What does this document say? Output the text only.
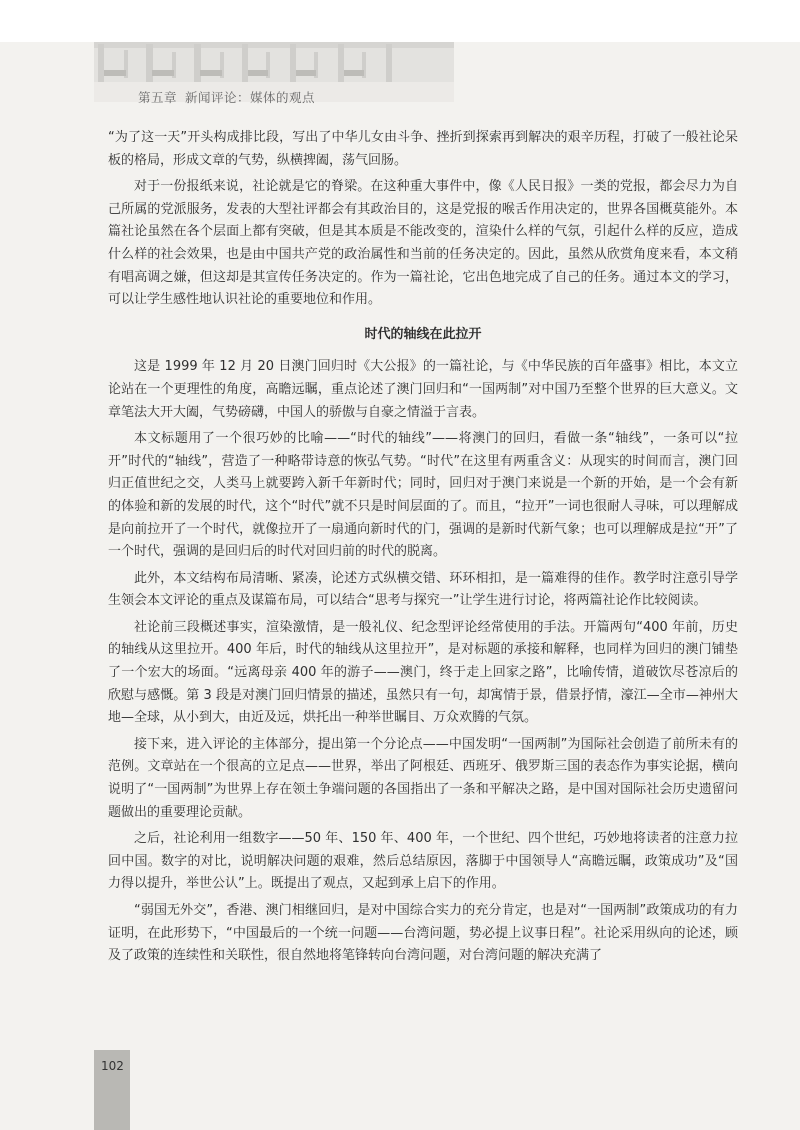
第五章 新闻评论：媒体的观点

“为了这一天”开头构成排比段，写出了中华儿女由斗争、挫折到探索再到解决的艰辛历程，打破了一般社论呆板的格局，形成文章的气势，纵横捭阖，荡气回肠。

对于一份报纸来说，社论就是它的脊梁。在这种重大事件中，像《人民日报》一类的党报，都会尽力为自己所属的党派服务，发表的大型社评都会有其政治目的，这是党报的喉舌作用决定的，世界各国概莫能外。本篇社论虽然在各个层面上都有突破，但是其本质是不能改变的，渲染什么样的气氛，引起什么样的反应，造成什么样的社会效果，也是由中国共产党的政治属性和当前的任务决定的。因此，虽然从欣赏角度来看，本文稍有唱高调之嫌，但这却是其宣传任务决定的。作为一篇社论，它出色地完成了自己的任务。通过本文的学习，可以让学生感性地认识社论的重要地位和作用。

时代的轴线在此拉开

这是 1999 年 12 月 20 日澳门回归时《大公报》的一篇社论，与《中华民族的百年盛事》相比，本文立论站在一个更理性的角度，高瞻远瞩，重点论述了澳门回归和“一国两制”对中国乃至整个世界的巨大意义。文章笔法大开大阖，气势磅礴，中国人的骄傲与自豪之情溢于言表。

本文标题用了一个很巧妙的比喻——“时代的轴线”——将澳门的回归，看做一条“轴线”，一条可以“拉开”时代的“轴线”，营造了一种略带诗意的恢弘气势。“时代”在这里有两重含义：从现实的时间而言，澳门回归正值世纪之交，人类马上就要跨入新千年新时代；同时，回归对于澳门来说是一个新的开始，是一个会有新的体验和新的发展的时代，这个“时代”就不只是时间层面的了。而且，“拉开”一词也很耐人寻味，可以理解成是向前拉开了一个时代，就像拉开了一扇通向新时代的门，强调的是新时代新气象；也可以理解成是拉“开”了一个时代，强调的是回归后的时代对回归前的时代的脱离。

此外，本文结构布局清晰、紧凑，论述方式纵横交错、环环相扣，是一篇难得的佳作。教学时注意引导学生领会本文评论的重点及谋篇布局，可以结合“思考与探究一”让学生进行讨论，将两篇社论作比较阅读。

社论前三段概述事实，渲染激情，是一般礼仪、纪念型评论经常使用的手法。开篇两句“400 年前，历史的轴线从这里拉开。400 年后，时代的轴线从这里拉开”，是对标题的承接和解释，也同样为回归的澳门铺垫了一个宏大的场面。“远离母亲 400 年的游子——澳门，终于走上回家之路”，比喻传情，道破饮尽苍凉后的欣慰与感慨。第 3 段是对澳门回归情景的描述，虽然只有一句，却寓情于景，借景抒情，濠江—全市—神州大地—全球，从小到大，由近及远，烘托出一种举世瞩目、万众欢腾的气氛。

接下来，进入评论的主体部分，提出第一个分论点——中国发明“一国两制”为国际社会创造了前所未有的范例。文章站在一个很高的立足点——世界，举出了阿根廷、西班牙、俄罗斯三国的表态作为事实论据，横向说明了“一国两制”为世界上存在领土争端问题的各国指出了一条和平解决之路，是中国对国际社会历史遗留问题做出的重要理论贡献。

之后，社论利用一组数字——50 年、150 年、400 年，一个世纪、四个世纪，巧妙地将读者的注意力拉回中国。数字的对比，说明解决问题的艰难，然后总结原因，落脚于中国领导人“高瞻远瞩，政策成功”及“国力得以提升，举世公认”上。既提出了观点，又起到承上启下的作用。

“弱国无外交”，香港、澳门相继回归，是对中国综合实力的充分肯定，也是对“一国两制”政策成功的有力证明，在此形势下，“中国最后的一个统一问题——台湾问题，势必提上议事日程”。社论采用纵向的论述，顾及了政策的连续性和关联性，很自然地将笔锋转向台湾问题，对台湾问题的解决充满了

102
